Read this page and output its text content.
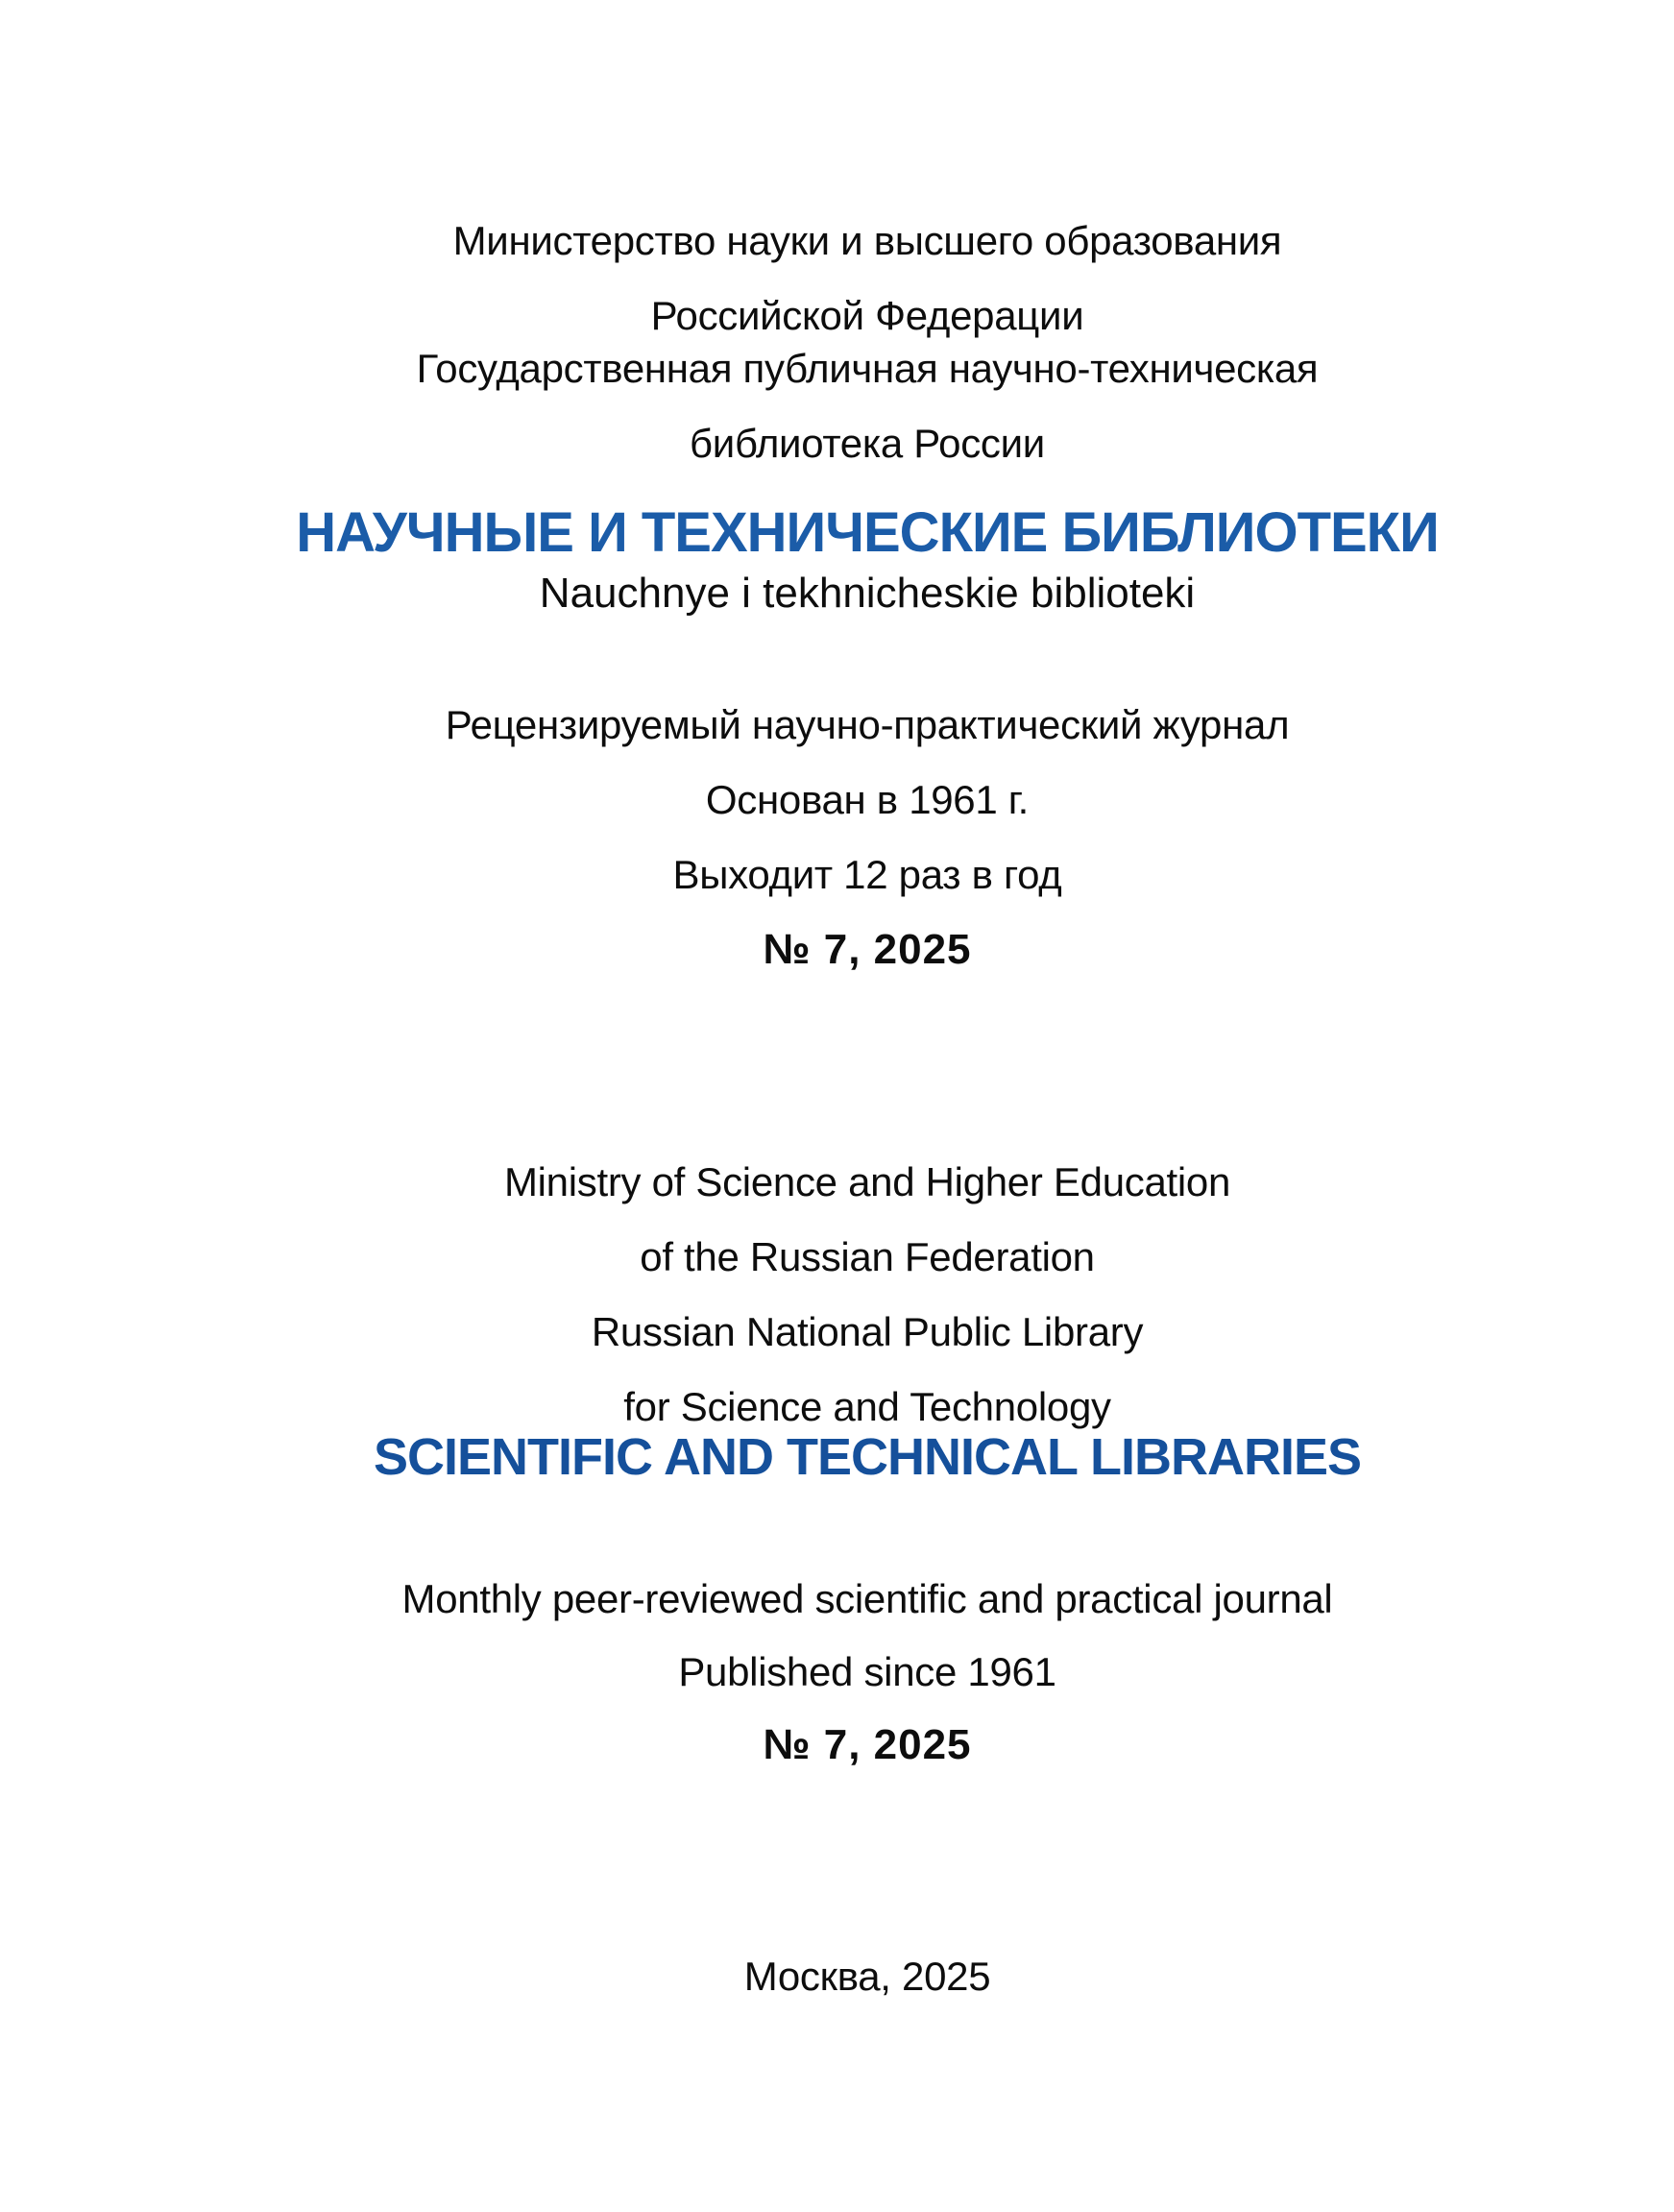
Министерство науки и высшего образования

Российской Федерации

Государственная публичная научно-техническая

библиотека России

НАУЧНЫЕ И ТЕХНИЧЕСКИЕ БИБЛИОТЕКИ
Nauchnye i tekhnicheskie biblioteki

Рецензируемый научно-практический журнал

Основан в 1961 г.

Выходит 12 раз в год

№ 7, 2025

Ministry of Science and Higher Education

of the Russian Federation

Russian National Public Library

for Science and Technology

SCIENTIFIC AND TECHNICAL LIBRARIES

Monthly peer-reviewed scientific and practical journal

Published since 1961

№ 7, 2025

Москва, 2025
